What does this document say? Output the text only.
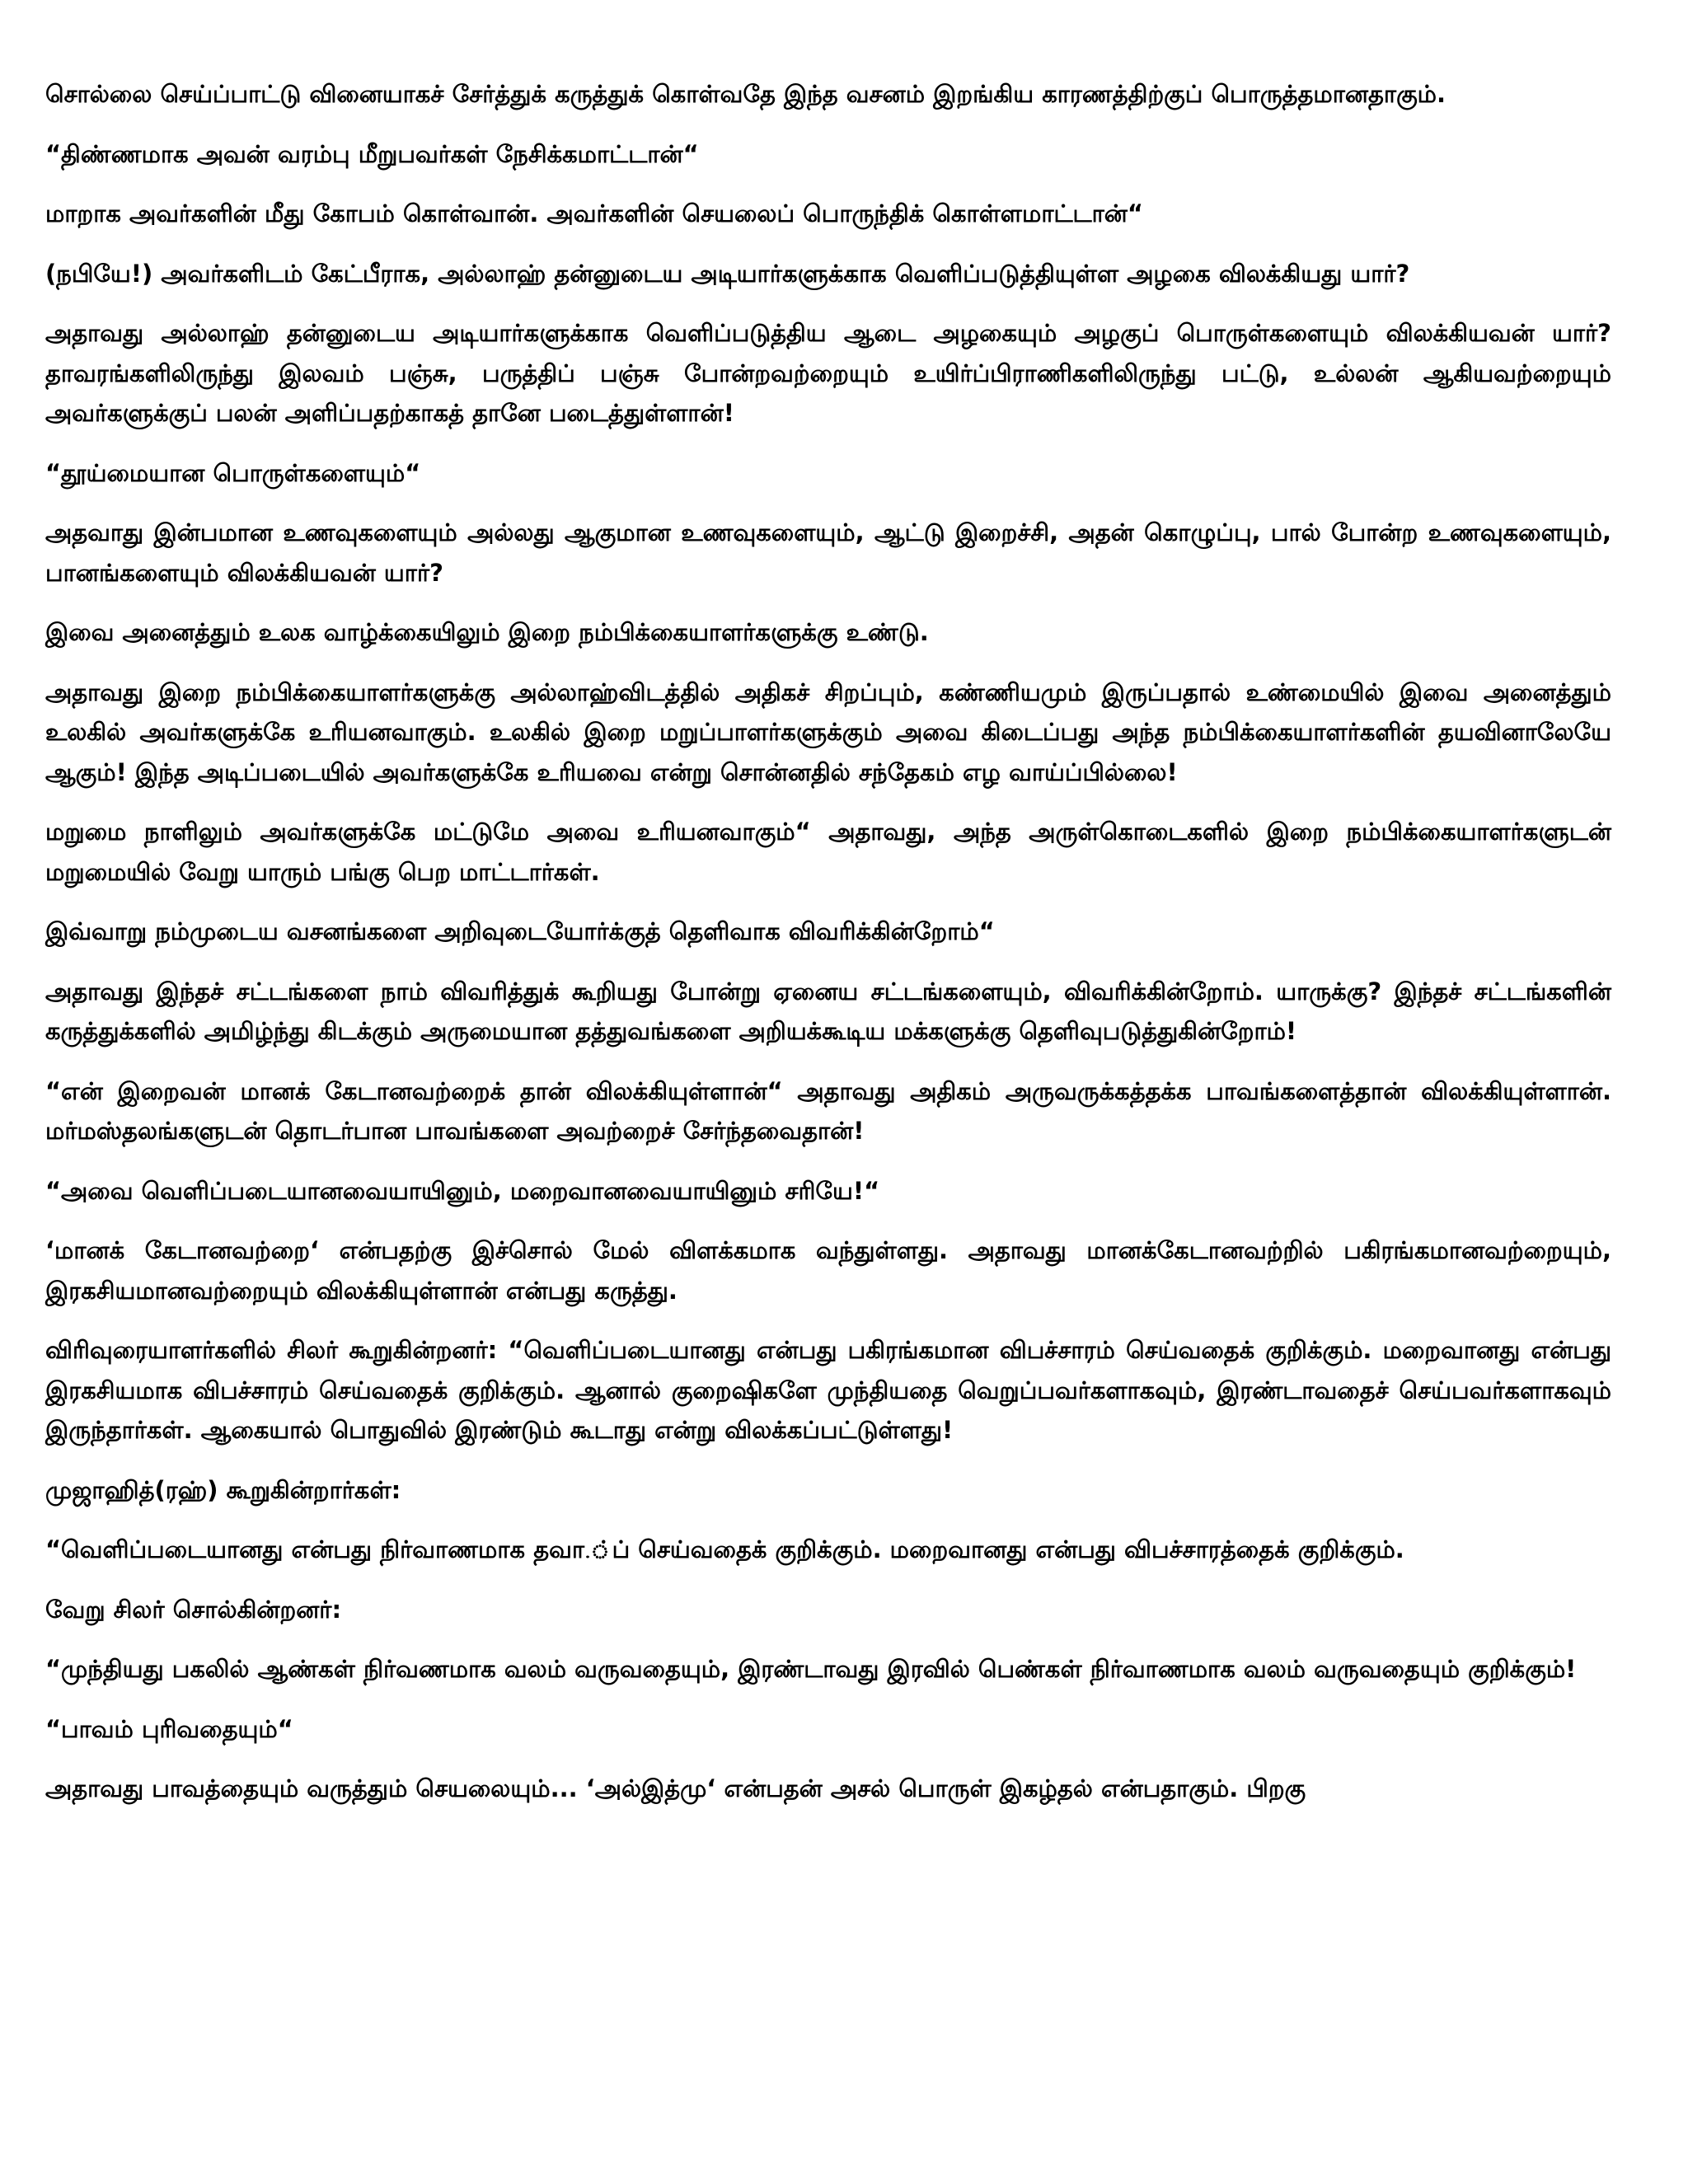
சொல்லை செய்ப்பாட்டு வினையாகச் சேர்த்துக் கருத்துக் கொள்வதே இந்த வசனம் இறங்கிய காரணத்திற்குப் பொருத்தமானதாகும்.

“திண்ணமாக அவன் வரம்பு மீறுபவர்கள் நேசிக்கமாட்டான்“

மாறாக அவர்களின் மீது கோபம் கொள்வான். அவர்களின் செயலைப் பொருந்திக் கொள்ளமாட்டான்“

(நபியே!) அவர்களிடம் கேட்பீராக, அல்லாஹ் தன்னுடைய அடியார்களுக்காக வெளிப்படுத்தியுள்ள அழகை விலக்கியது யார்?

அதாவது அல்லாஹ் தன்னுடைய அடியார்களுக்காக வெளிப்படுத்திய ஆடை அழகையும் அழகுப் பொருள்களையும் விலக்கியவன் யார்? தாவரங்களிலிருந்து இலவம் பஞ்சு, பருத்திப் பஞ்சு போன்றவற்றையும் உயிர்ப்பிராணிகளிலிருந்து பட்டு, உல்லன் ஆகியவற்றையும் அவர்களுக்குப் பலன் அளிப்பதற்காகத் தானே படைத்துள்ளான்!

“தூய்மையான பொருள்களையும்“

அதவாது இன்பமான உணவுகளையும் அல்லது ஆகுமான உணவுகளையும், ஆட்டு இறைச்சி, அதன் கொழுப்பு, பால் போன்ற உணவுகளையும், பானங்களையும் விலக்கியவன் யார்?

இவை அனைத்தும் உலக வாழ்க்கையிலும் இறை நம்பிக்கையாளர்களுக்கு உண்டு.

அதாவது இறை நம்பிக்கையாளர்களுக்கு அல்லாஹ்விடத்தில் அதிகச் சிறப்பும், கண்ணியமும் இருப்பதால் உண்மையில் இவை அனைத்தும் உலகில் அவர்களுக்கே உரியனவாகும். உலகில் இறை மறுப்பாளர்களுக்கும் அவை கிடைப்பது அந்த நம்பிக்கையாளர்களின் தயவினாலேயே ஆகும்! இந்த அடிப்படையில் அவர்களுக்கே உரியவை என்று சொன்னதில் சந்தேகம் எழ வாய்ப்பில்லை!

மறுமை நாளிலும் அவர்களுக்கே மட்டுமே அவை உரியனவாகும்“ அதாவது, அந்த அருள்கொடைகளில் இறை நம்பிக்கையாளர்களுடன் மறுமையில் வேறு யாரும் பங்கு பெற மாட்டார்கள்.

இவ்வாறு நம்முடைய வசனங்களை அறிவுடையோர்க்குத் தெளிவாக விவரிக்கின்றோம்“

அதாவது இந்தச் சட்டங்களை நாம் விவரித்துக் கூறியது போன்று ஏனைய சட்டங்களையும், விவரிக்கின்றோம். யாருக்கு? இந்தச் சட்டங்களின் கருத்துக்களில் அமிழ்ந்து கிடக்கும் அருமையான தத்துவங்களை அறியக்கூடிய மக்களுக்கு தெளிவுபடுத்துகின்றோம்!

“என் இறைவன் மானக் கேடானவற்றைக் தான் விலக்கியுள்ளான்“ அதாவது அதிகம் அருவருக்கத்தக்க பாவங்களைத்தான் விலக்கியுள்ளான். மர்மஸ்தலங்களுடன் தொடர்பான பாவங்களை அவற்றைச் சேர்ந்தவைதான்!

“அவை வெளிப்படையானவையாயினும், மறைவானவையாயினும் சரியே!“

‘மானக் கேடானவற்றை‘ என்பதற்கு இச்சொல் மேல் விளக்கமாக வந்துள்ளது. அதாவது மானக்கேடானவற்றில் பகிரங்கமானவற்றையும், இரகசியமானவற்றையும் விலக்கியுள்ளான் என்பது கருத்து.

விரிவுரையாளர்களில் சிலர் கூறுகின்றனர்: “வெளிப்படையானது என்பது பகிரங்கமான விபச்சாரம் செய்வதைக் குறிக்கும். மறைவானது என்பது இரகசியமாக விபச்சாரம் செய்வதைக் குறிக்கும். ஆனால் குறைஷிகளே முந்தியதை வெறுப்பவர்களாகவும், இரண்டாவதைச் செய்பவர்களாகவும் இருந்தார்கள். ஆகையால் பொதுவில் இரண்டும் கூடாது என்று விலக்கப்பட்டுள்ளது!

முஜாஹித்(ரஹ்) கூறுகின்றார்கள்:

“வெளிப்படையானது என்பது நிர்வாணமாக தவா.்ப் செய்வதைக் குறிக்கும். மறைவானது என்பது விபச்சாரத்தைக் குறிக்கும்.

வேறு சிலர் சொல்கின்றனர்:

“முந்தியது பகலில் ஆண்கள் நிர்வணமாக வலம் வருவதையும், இரண்டாவது இரவில் பெண்கள் நிர்வாணமாக வலம் வருவதையும் குறிக்கும்!

“பாவம் புரிவதையும்“

அதாவது பாவத்தையும் வருத்தும் செயலையும்... ‘அல்இத்மு‘ என்பதன் அசல் பொருள் இகழ்தல் என்பதாகும். பிறகு
